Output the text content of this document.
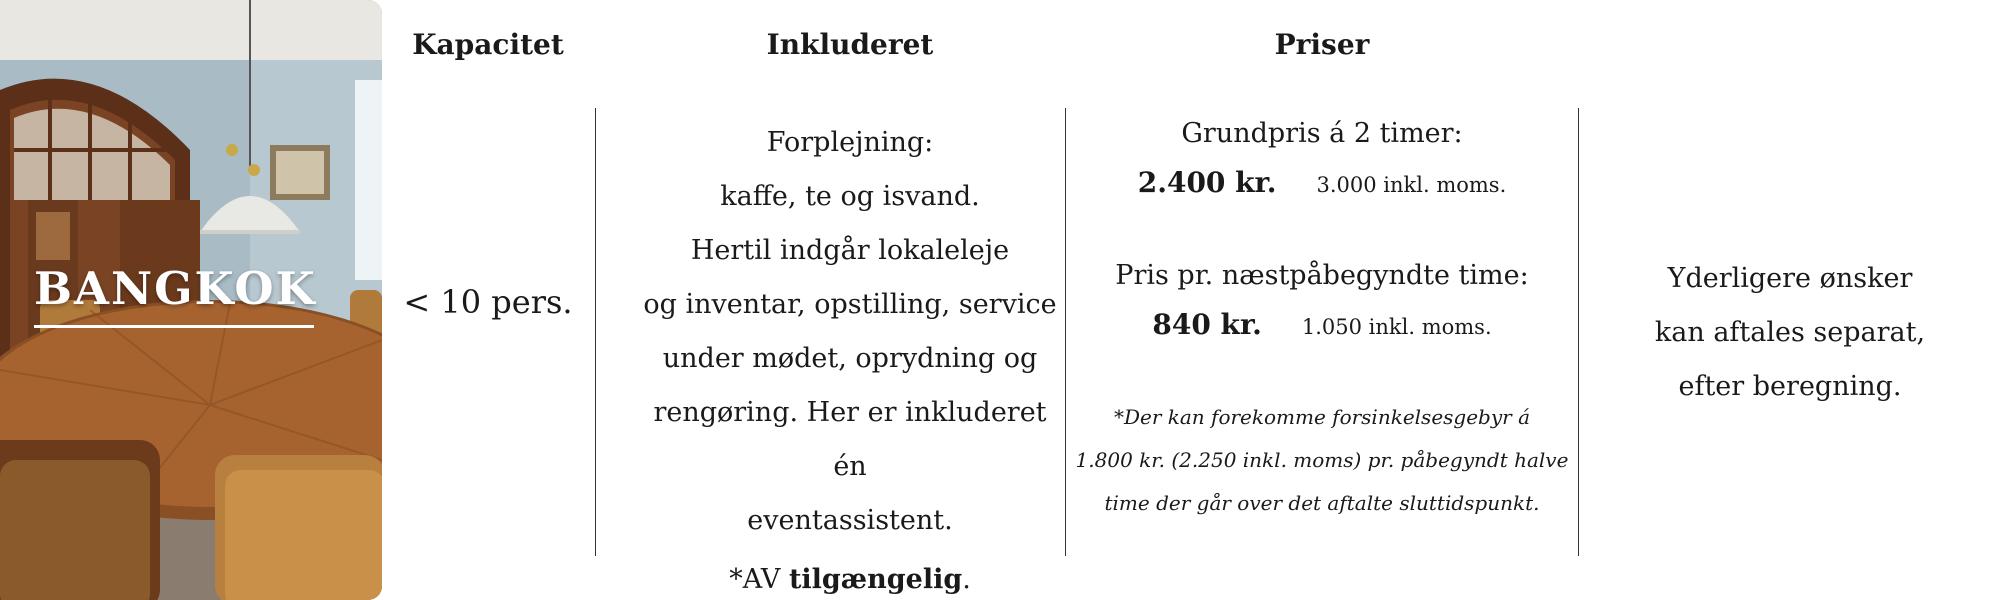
BANGKOK
Kapacitet	Inkluderet	Priser
< 10 pers.
Forplejning:
kaffe, te og isvand.
Hertil indgår lokaleleje
og inventar, opstilling, service
under mødet, oprydning og
rengøring. Her er inkluderet én
eventassistent.
*AV tilgængelig.
Grundpris á 2 timer:
2.400 kr. 3.000 inkl. moms.
Pris pr. næstpåbegyndte time:
840 kr. 1.050 inkl. moms.
*Der kan forekomme forsinkelsesgebyr á
1.800 kr. (2.250 inkl. moms) pr. påbegyndt halve
time der går over det aftalte sluttidspunkt.
Yderligere ønsker
kan aftales separat,
efter beregning.
